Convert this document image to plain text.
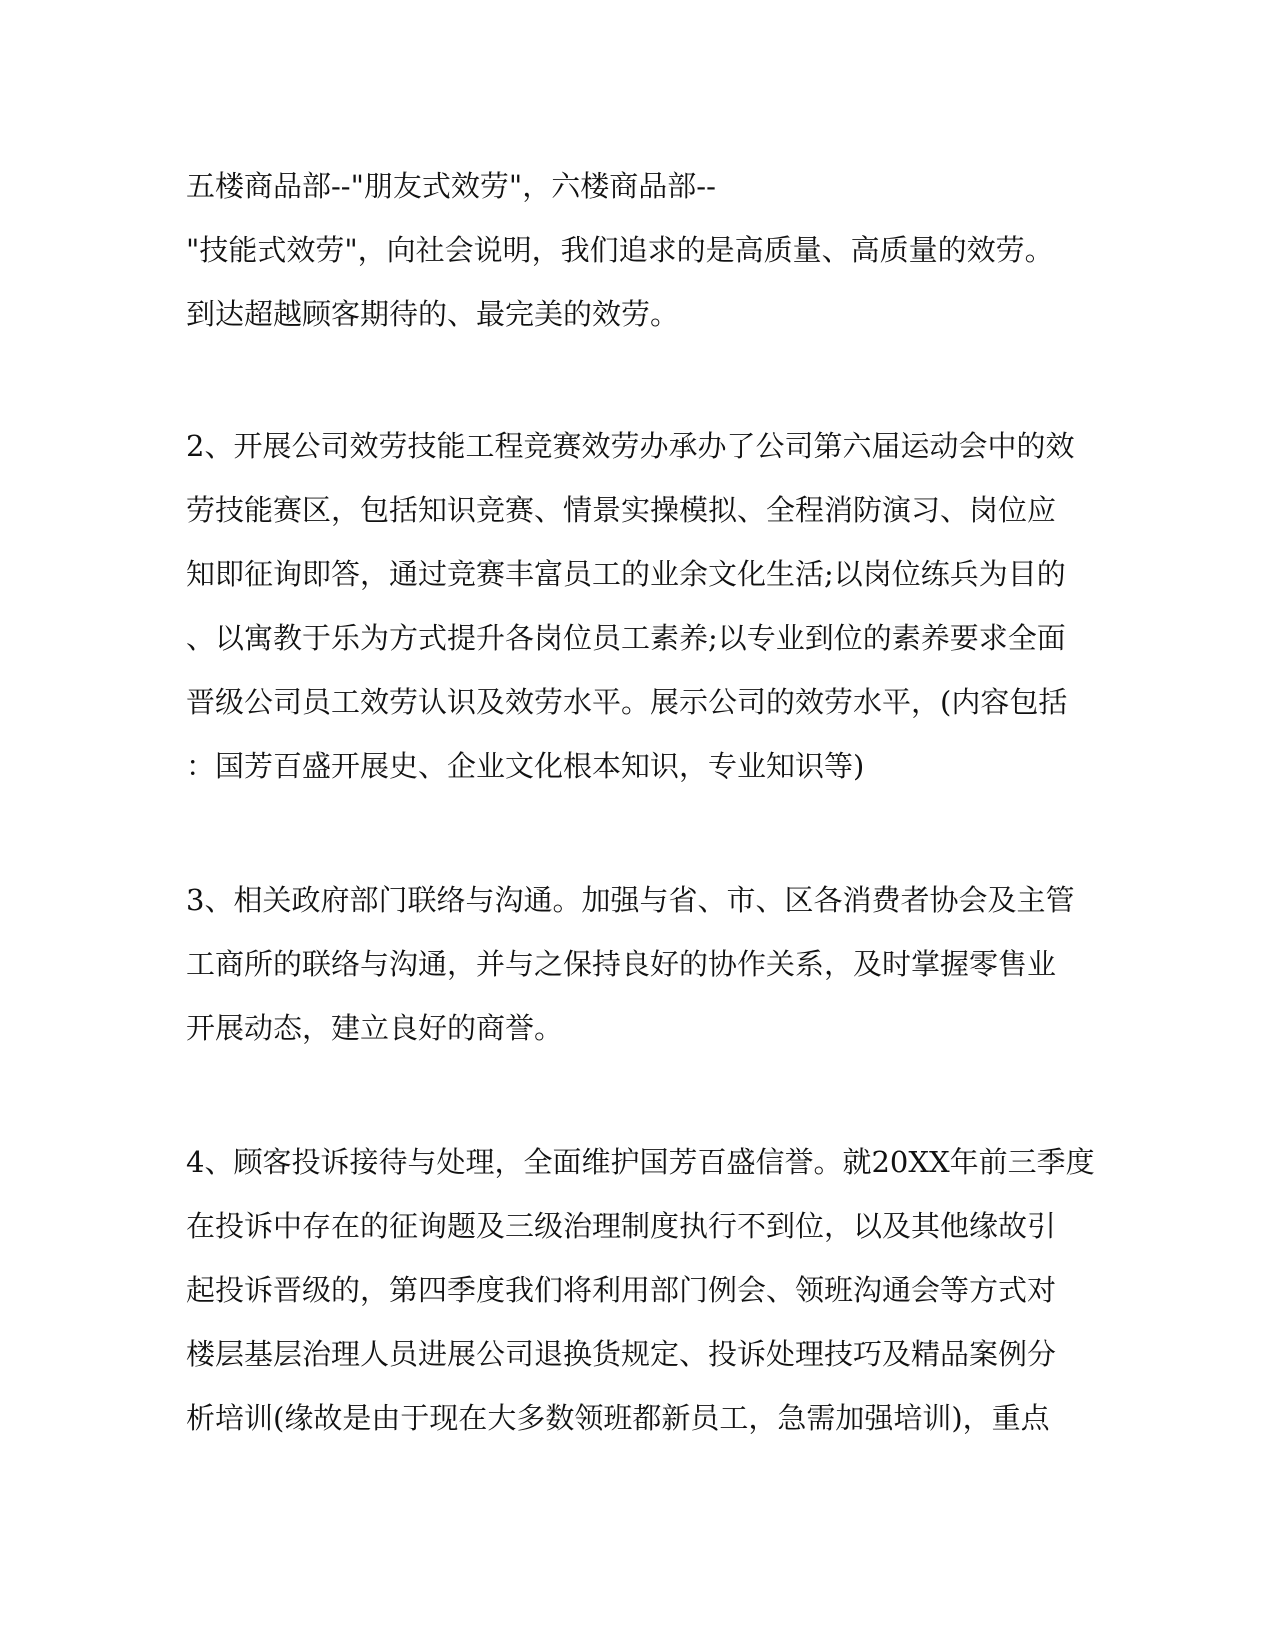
五楼商品部--"朋友式效劳"，六楼商品部--
"技能式效劳"，向社会说明，我们追求的是高质量、高质量的效劳。
到达超越顾客期待的、最完美的效劳。
2、开展公司效劳技能工程竞赛效劳办承办了公司第六届运动会中的效
劳技能赛区，包括知识竞赛、情景实操模拟、全程消防演习、岗位应
知即征询即答，通过竞赛丰富员工的业余文化生活;以岗位练兵为目的
、以寓教于乐为方式提升各岗位员工素养;以专业到位的素养要求全面
晋级公司员工效劳认识及效劳水平。展示公司的效劳水平，(内容包括
：国芳百盛开展史、企业文化根本知识，专业知识等)
3、相关政府部门联络与沟通。加强与省、市、区各消费者协会及主管
工商所的联络与沟通，并与之保持良好的协作关系，及时掌握零售业
开展动态，建立良好的商誉。
4、顾客投诉接待与处理，全面维护国芳百盛信誉。就20XX年前三季度
在投诉中存在的征询题及三级治理制度执行不到位，以及其他缘故引
起投诉晋级的，第四季度我们将利用部门例会、领班沟通会等方式对
楼层基层治理人员进展公司退换货规定、投诉处理技巧及精品案例分
析培训(缘故是由于现在大多数领班都新员工，急需加强培训)，重点
